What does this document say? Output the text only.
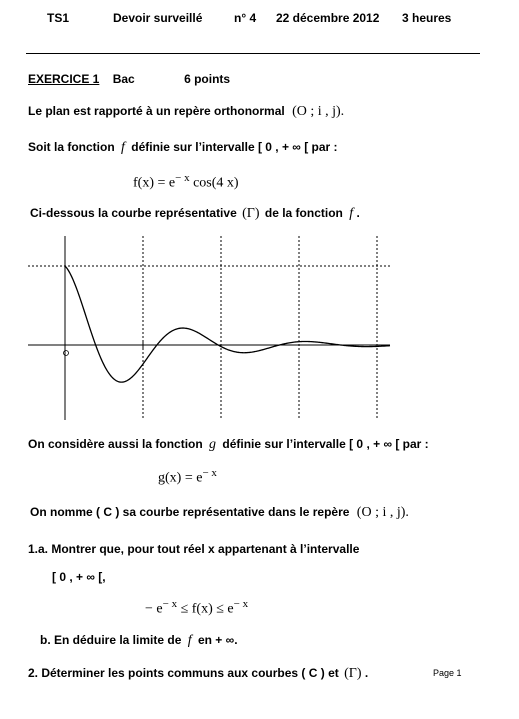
TS1	Devoir surveillé	n° 4 22 décembre 2012 3 heures
EXERCICE 1 Bac	6 points
Le plan est rapporté à un repère orthonormal (O ; i , j).
Soit la fonction f définie sur l’intervalle [ 0 , + ∞ [ par :
$f(x) = e^{- x}$ cos(4 x)
Ci-dessous la courbe représentative (Γ) de la fonction f .
On considère aussi la fonction g définie sur l’intervalle [ 0 , + ∞ [ par :
$g(x) = e^{- x}$
On nomme ( C ) sa courbe représentative dans le repère (O ; i , j).
1.a. Montrer que, pour tout réel x appartenant à l’intervalle
[ 0 , + ∞ [,
− $e^{- x} \le f(x) \le e^{- x}$
b. En déduire la limite de f en + ∞.
2. Déterminer les points communs aux courbes ( C ) et (Γ) .	Page 1
